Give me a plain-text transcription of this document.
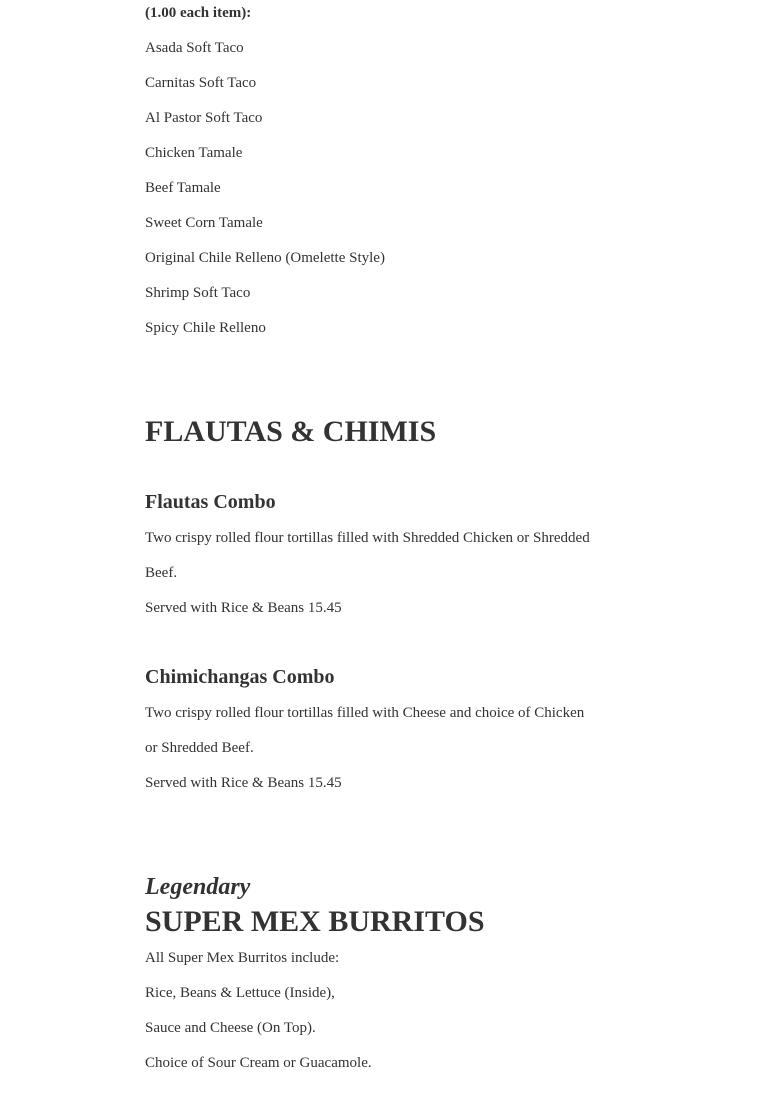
(1.00 each item):
Asada Soft Taco
Carnitas Soft Taco
Al Pastor Soft Taco
Chicken Tamale
Beef Tamale
Sweet Corn Tamale
Original Chile Relleno (Omelette Style)
Shrimp Soft Taco
Spicy Chile Relleno
FLAUTAS & CHIMIS
Flautas Combo
Two crispy rolled flour tortillas filled with Shredded Chicken or Shredded
Beef.
Served with Rice & Beans 15.45
Chimichangas Combo
Two crispy rolled flour tortillas filled with Cheese and choice of Chicken
or Shredded Beef.
Served with Rice & Beans 15.45
Legendary
SUPER MEX BURRITOS
All Super Mex Burritos include:
Rice, Beans & Lettuce (Inside),
Sauce and Cheese (On Top).
Choice of Sour Cream or Guacamole.
